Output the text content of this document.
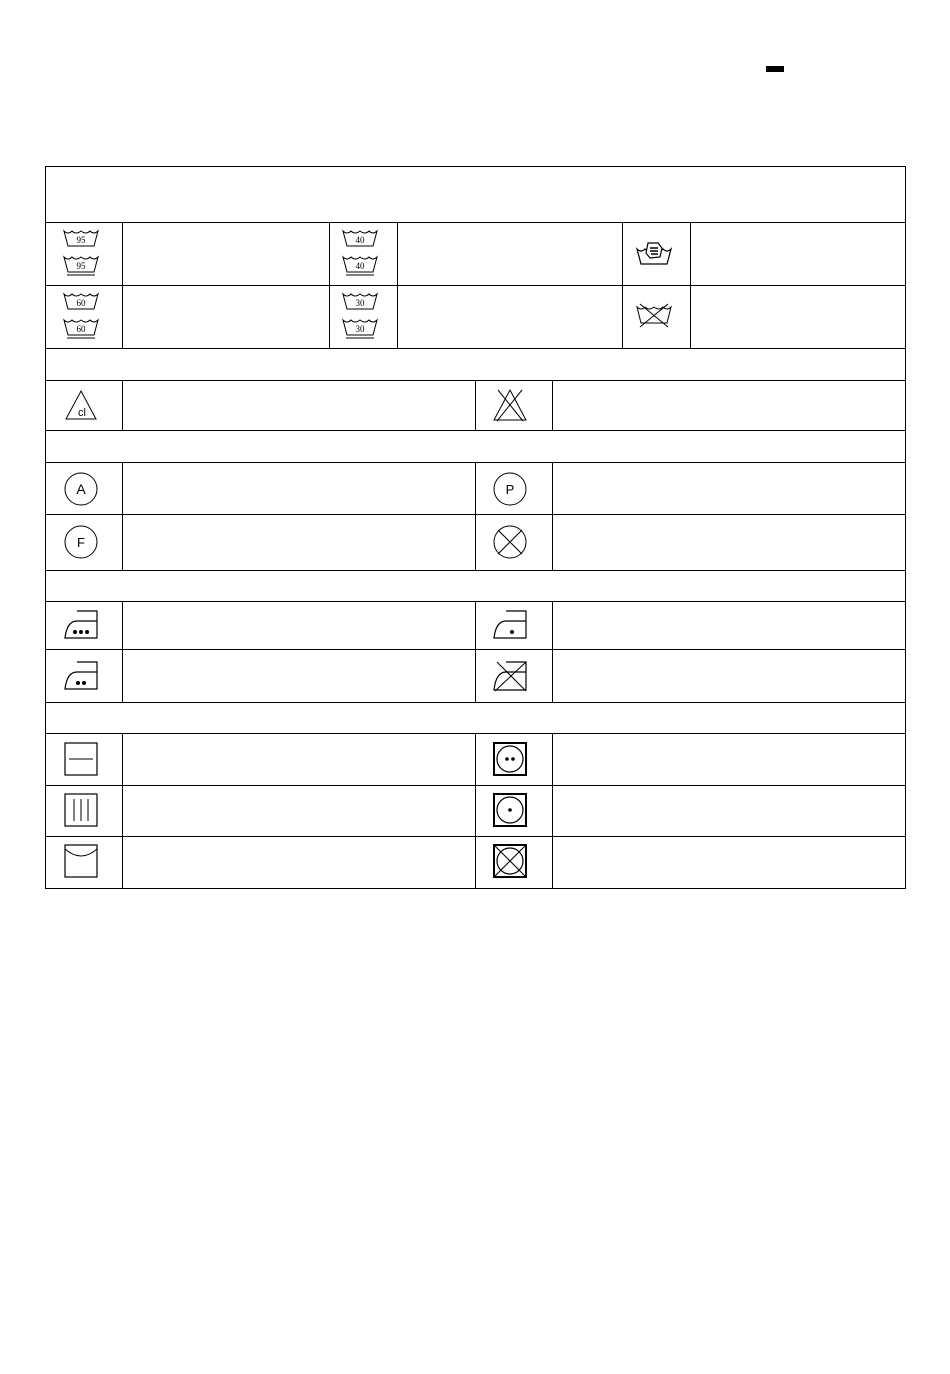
95
95
40
40
60
60
30
30
cl
A	P
F
